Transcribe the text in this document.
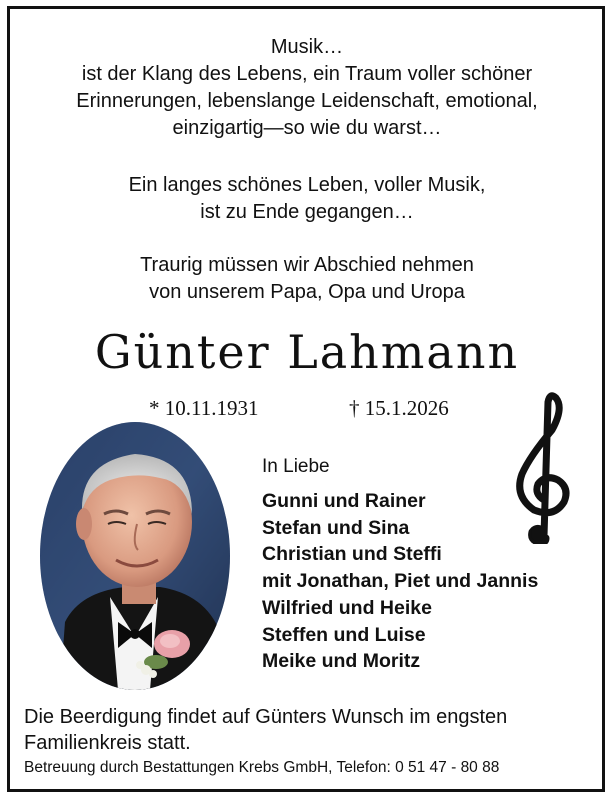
Musik…
ist der Klang des Lebens, ein Traum voller schöner
Erinnerungen, lebenslange Leidenschaft, emotional,
einzigartig—so wie du warst…
Ein langes schönes Leben, voller Musik,
ist zu Ende gegangen…
Traurig müssen wir Abschied nehmen
von unserem Papa, Opa und Uropa
Günter Lahmann
* 10.11.1931	† 15.1.2026
In Liebe
Gunni und Rainer
Stefan und Sina
Christian und Steffi
mit Jonathan, Piet und Jannis
Wilfried und Heike
Steffen und Luise
Meike und Moritz
Die Beerdigung findet auf Günters Wunsch im engsten Familienkreis statt.
Betreuung durch Bestattungen Krebs GmbH, Telefon: 0 51 47 - 80 88
